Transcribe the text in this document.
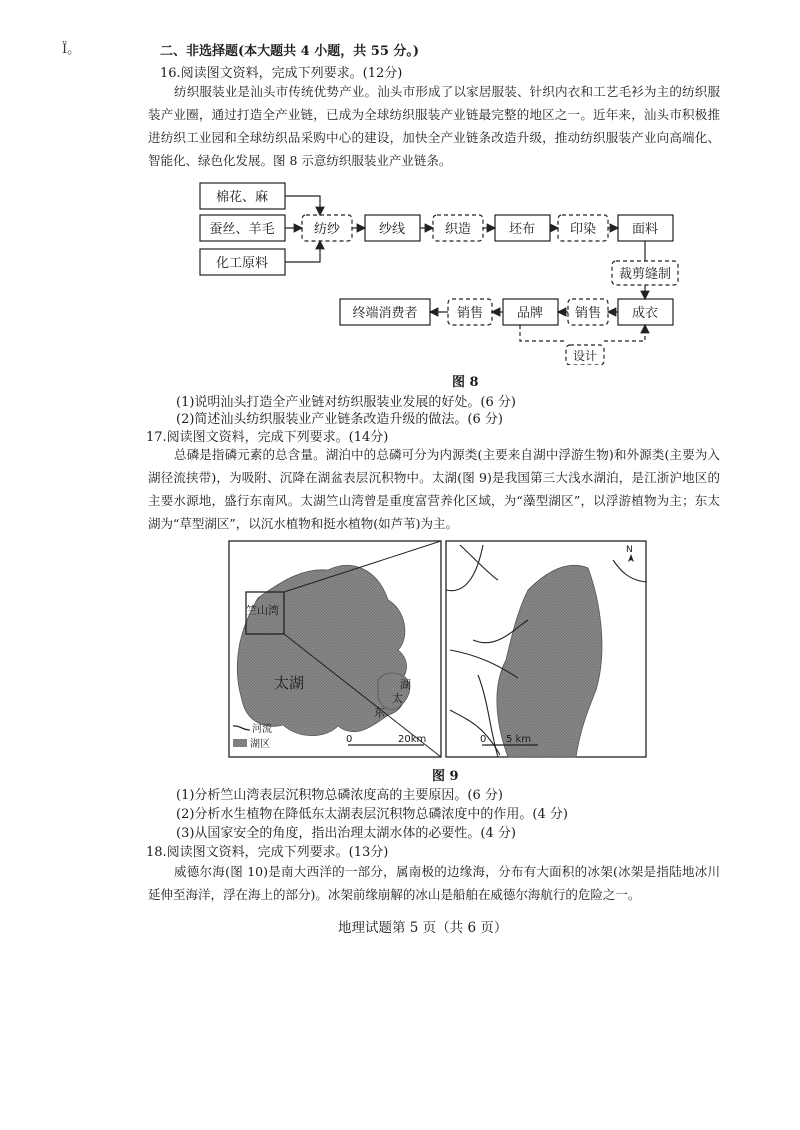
Ï。	二、非选择题(本大题共 4 小题，共 55 分。)
16.阅读图文资料，完成下列要求。(12分)
纺织服装业是汕头市传统优势产业。汕头市形成了以家居服装、针织内衣和工艺毛衫为主的纺织服装产业圈，通过打造全产业链，已成为全球纺织服装产业链最完整的地区之一。近年来，汕头市积极推进纺织工业园和全球纺织品采购中心的建设，加快全产业链条改造升级，推动纺织服装产业向高端化、智能化、绿色化发展。图 8 示意纺织服装业产业链条。
棉花、麻
蚕丝、羊毛
化工原料
纺纱	纱线	织造	坯布	印染	面料
裁剪缝制
成衣
销售
品牌
销售
终端消费者
设计
图 8
(1)说明汕头打造全产业链对纺织服装业发展的好处。(6 分)
(2)简述汕头纺织服装业产业链条改造升级的做法。(6 分)
17.阅读图文资料，完成下列要求。(14分)
总磷是指磷元素的总含量。湖泊中的总磷可分为内源类(主要来自湖中浮游生物)和外源类(主要为入湖径流挟带)，为吸附、沉降在湖盆表层沉积物中。太湖(图 9)是我国第三大浅水湖泊，是江浙沪地区的主要水源地，盛行东南风。太湖竺山湾曾是重度富营养化区域，为“藻型湖区”，以浮游植物为主；东太湖为“草型湖区”，以沉水植物和挺水植物(如芦苇)为主。
竺山湾
太湖	湖
太
东
河流
湖区	0	20km	0 5 km
N
图 9
(1)分析竺山湾表层沉积物总磷浓度高的主要原因。(6 分)
(2)分析水生植物在降低东太湖表层沉积物总磷浓度中的作用。(4 分)
(3)从国家安全的角度，指出治理太湖水体的必要性。(4 分)
18.阅读图文资料，完成下列要求。(13分)
威德尔海(图 10)是南大西洋的一部分，属南极的边缘海，分布有大面积的冰架(冰架是指陆地冰川延伸至海洋，浮在海上的部分)。冰架前缘崩解的冰山是船舶在威德尔海航行的危险之一。
地理试题第 5 页（共 6 页）
